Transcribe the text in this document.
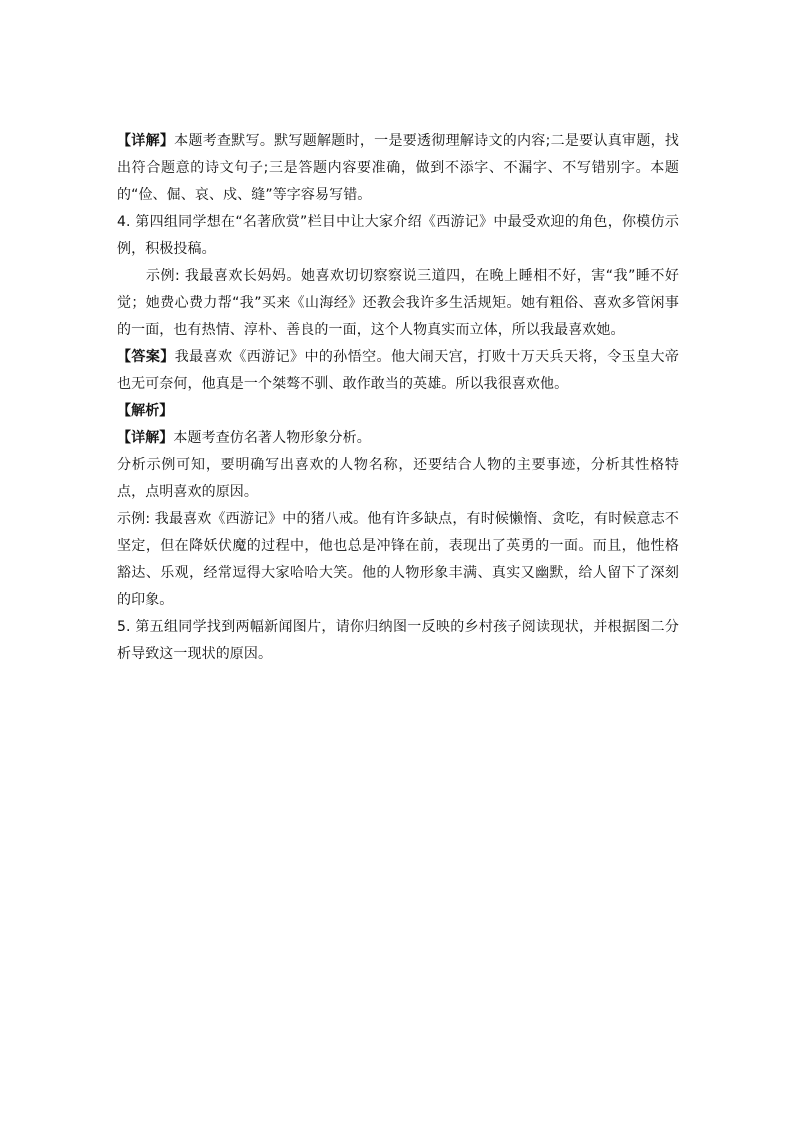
【详解】本题考查默写。默写题解题时，一是要透彻理解诗文的内容;二是要认真审题，找出符合题意的诗文句子;三是答题内容要准确，做到不添字、不漏字、不写错别字。本题的“俭、倔、哀、戍、缝”等字容易写错。

4. 第四组同学想在“名著欣赏”栏目中让大家介绍《西游记》中最受欢迎的角色，你模仿示例，积极投稿。

示例: 我最喜欢长妈妈。她喜欢切切察察说三道四，在晚上睡相不好，害“我”睡不好觉；她费心费力帮“我”买来《山海经》还教会我许多生活规矩。她有粗俗、喜欢多管闲事的一面，也有热情、淳朴、善良的一面，这个人物真实而立体，所以我最喜欢她。

【答案】我最喜欢《西游记》中的孙悟空。他大闹天宫，打败十万天兵天将，令玉皇大帝也无可奈何，他真是一个桀骜不驯、敢作敢当的英雄。所以我很喜欢他。

【解析】

【详解】本题考查仿名著人物形象分析。

分析示例可知，要明确写出喜欢的人物名称，还要结合人物的主要事迹，分析其性格特点，点明喜欢的原因。

示例: 我最喜欢《西游记》中的猪八戒。他有许多缺点，有时候懒惰、贪吃，有时候意志不坚定，但在降妖伏魔的过程中，他也总是冲锋在前，表现出了英勇的一面。而且，他性格豁达、乐观，经常逗得大家哈哈大笑。他的人物形象丰满、真实又幽默，给人留下了深刻的印象。

5. 第五组同学找到两幅新闻图片，请你归纳图一反映的乡村孩子阅读现状，并根据图二分析导致这一现状的原因。
